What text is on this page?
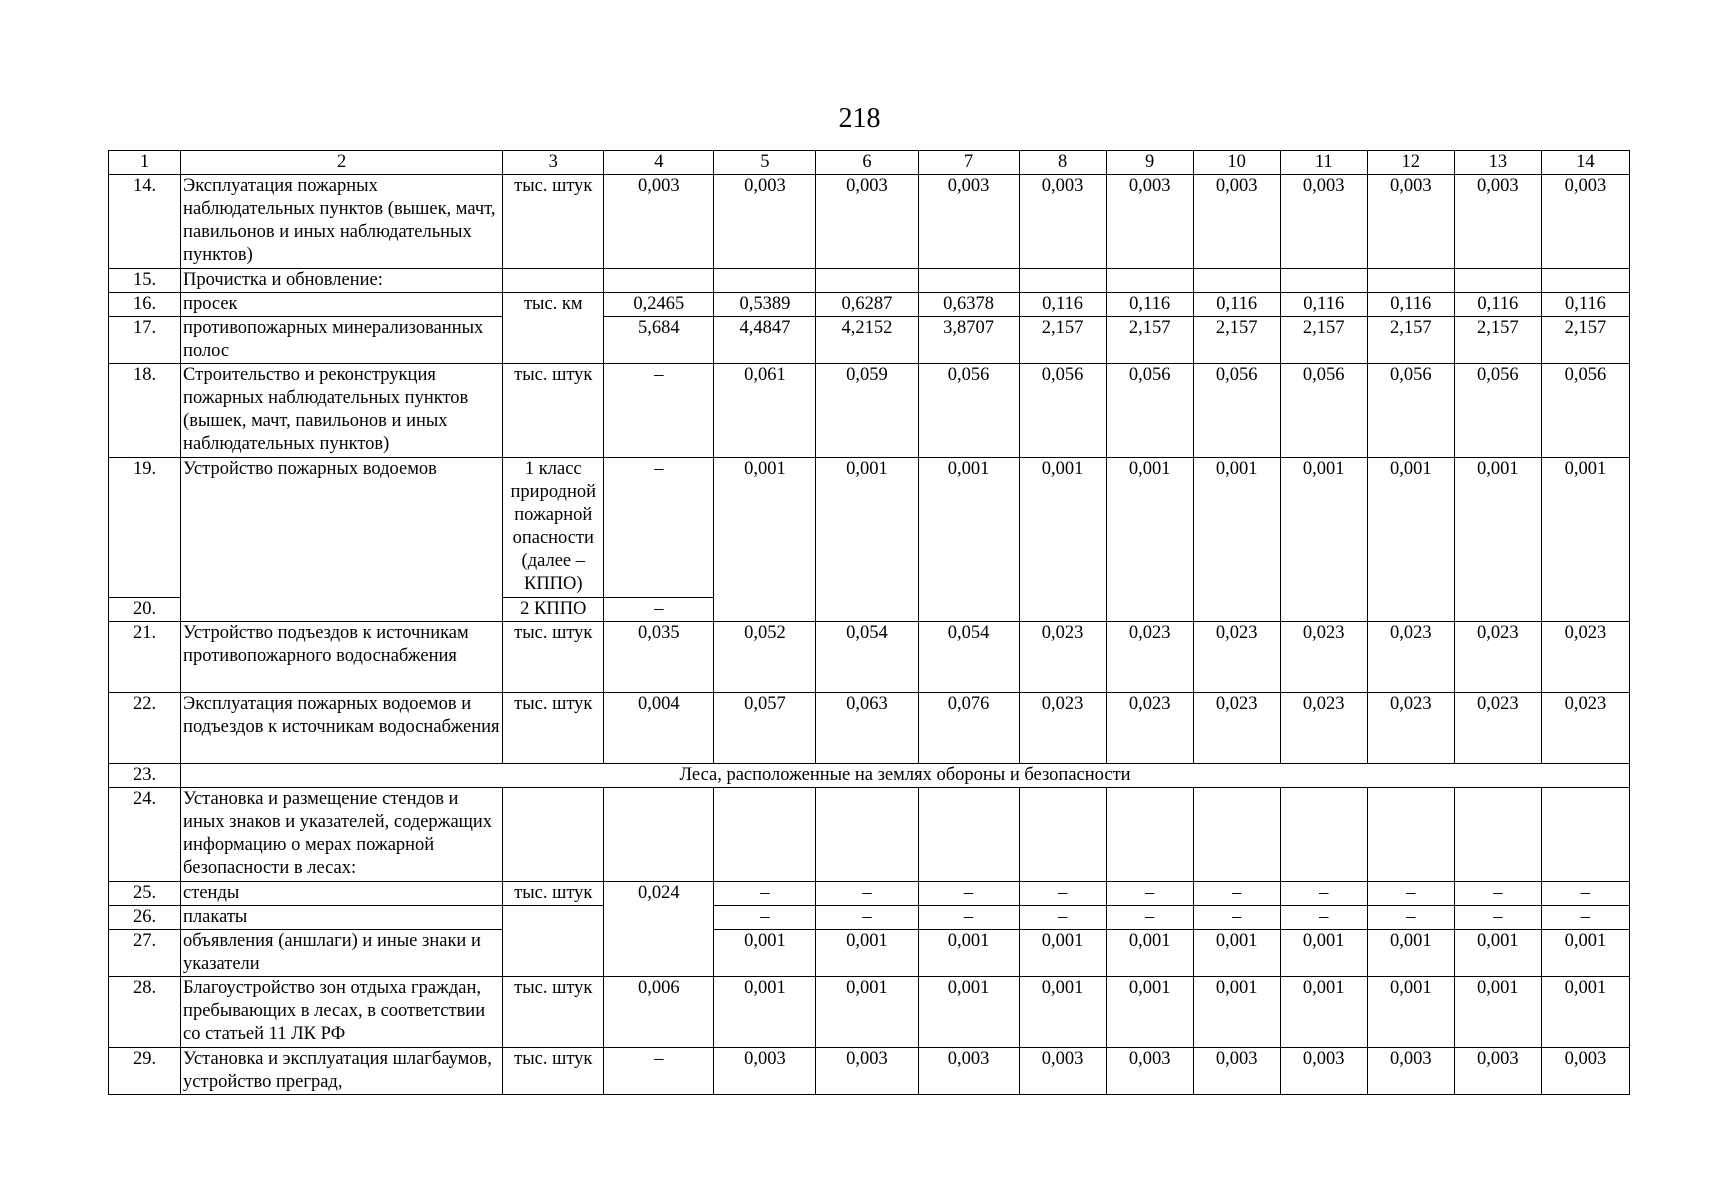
218
1	2	3	4	5	6	7	8	9	10	11	12	13	14
14.	Эксплуатация пожарных наблюдательных пунктов (вышек, мачт, павильонов и иных наблюдательных пунктов)	тыс. штук	0,003	0,003	0,003	0,003	0,003	0,003	0,003	0,003	0,003	0,003	0,003
15.	Прочистка и обновление:												
16.	просек	тыс. км	0,2465	0,5389	0,6287	0,6378	0,116	0,116	0,116	0,116	0,116	0,116	0,116
17.	противопожарных минерализованных полос		5,684	4,4847	4,2152	3,8707	2,157	2,157	2,157	2,157	2,157	2,157	2,157
18.	Строительство и реконструкция пожарных наблюдательных пунктов (вышек, мачт, павильонов и иных наблюдательных пунктов)	тыс. штук	–	0,061	0,059	0,056	0,056	0,056	0,056	0,056	0,056	0,056	0,056
19.	Устройство пожарных водоемов	1 класс природной пожарной опасности (далее – КППО)	–	0,001	0,001	0,001	0,001	0,001	0,001	0,001	0,001	0,001	0,001
20.		2 КППО	–										
21.	Устройство подъездов к источникам противопожарного водоснабжения	тыс. штук	0,035	0,052	0,054	0,054	0,023	0,023	0,023	0,023	0,023	0,023	0,023
22.	Эксплуатация пожарных водоемов и подъездов к источникам водоснабжения	тыс. штук	0,004	0,057	0,063	0,076	0,023	0,023	0,023	0,023	0,023	0,023	0,023
23.	Леса, расположенные на землях обороны и безопасности												
24.	Установка и размещение стендов и иных знаков и указателей, содержащих информацию о мерах пожарной безопасности в лесах:												
25.	стенды	тыс. штук	0,024	–	–	–	–	–	–	–	–	–	–
26.	плакаты			–	–	–	–	–	–	–	–	–	–
27.	объявления (аншлаги) и иные знаки и указатели			0,001	0,001	0,001	0,001	0,001	0,001	0,001	0,001	0,001	0,001
28.	Благоустройство зон отдыха граждан, пребывающих в лесах, в соответствии со статьей 11 ЛК РФ	тыс. штук	0,006	0,001	0,001	0,001	0,001	0,001	0,001	0,001	0,001	0,001	0,001
29.	Установка и эксплуатация шлагбаумов, устройство преград,	тыс. штук	–	0,003	0,003	0,003	0,003	0,003	0,003	0,003	0,003	0,003	0,003
